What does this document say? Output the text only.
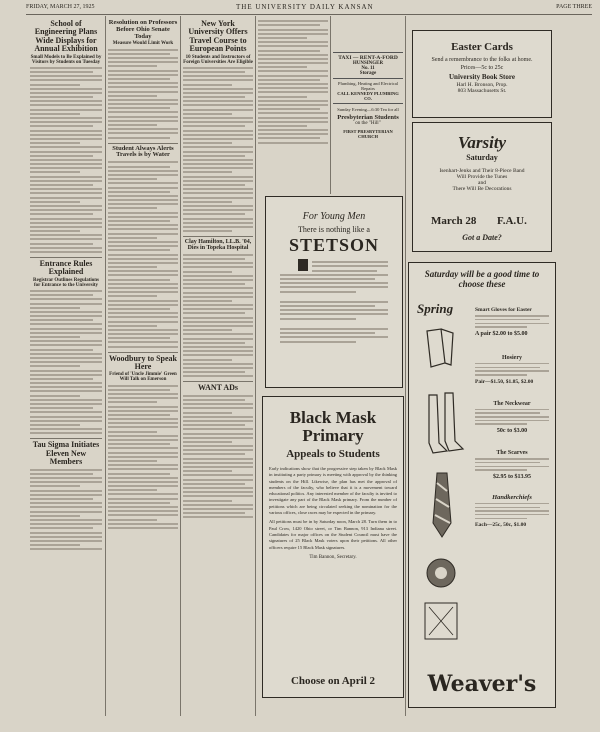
FRIDAY, MARCH 27, 1925	THE UNIVERSITY DAILY KANSAN	PAGE THREE
School of Engineering Plans Wide Displays for Annual Exhibition
Small Models to Be Explained by Visitors by Students on Tuesday
Entrance Rules Explained
Registrar Outlines Regulations for Entrance to the University
Tau Sigma Initiates Eleven New Members
Resolution on Professors Before Ohio Senate Today
Measure Would Limit Work
Student Always Alerts Travels is by Water
Woodbury to Speak Here
Friend of 'Uncle Jimmie' Green Will Talk on Emerson
New York University Offers Travel Course to European Points
10 Students and Instructors of Foreign Universities Are Eligible
Clay Hamilton, LL.B. '04, Dies in Topeka Hospital
WANT ADs
TAXI — RENT-A-FORD
HUNSINGER
No. 11
Storage
Plumbing, Heating and Electrical Repairs
CALL KENNEDY PLUMBING CO.
Sunday Evening—6:30 Tea for all
Presbyterian Students
on the "Hill"
FIRST PRESBYTERIAN CHURCH
For Young Men
There is nothing like a
STETSON
Black Mask
Primary
Appeals to Students
Early indications show that the progressive step taken by Black Mask in instituting a party primary is meeting with approval by the thinking students on the Hill. Likewise, the plan has met the approval of members of the faculty, who believe that it is a movement toward educational politics. Any interested member of the faculty is invited to investigate any part of the Black Mask primary. From the number of petitions which are being circulated seeking the nomination for the various offices, close races may be expected in the primary.
All petitions must be in by Saturday noon, March 28. Turn them in to Paul Crow, 1420 Ohio street, or Tim Bannon, 913 Indiana street. Candidates for major offices on the Student Council must have the signatures of 25 Black Mask voters upon their petitions. All other officers require 15 Black Mask signatures.
Tim Bannon, Secretary.
Choose on April 2
Easter Cards
Send a remembrance to the folks at home.
Prices—5c to 25c
University Book Store
Harl H. Bronson, Prop.
803 Massachusetts St.
Varsity
Saturday
Isenhart-Jenks and Their 8-Piece Band
Will Provide the Tunes
and
There Will Be Decorations
March 28 F.A.U.
Got a Date?
Saturday will be a good time to choose these
Spring	Smart Gloves for Easter
A pair $2.00 to $5.00
Hosiery
Pair—$1.50, $1.85, $2.00
The Neckwear
50c to $3.00
The Scarves
$2.95 to $13.95
Handkerchiefs
Each—25c, 50c, $1.00
Weaver's
